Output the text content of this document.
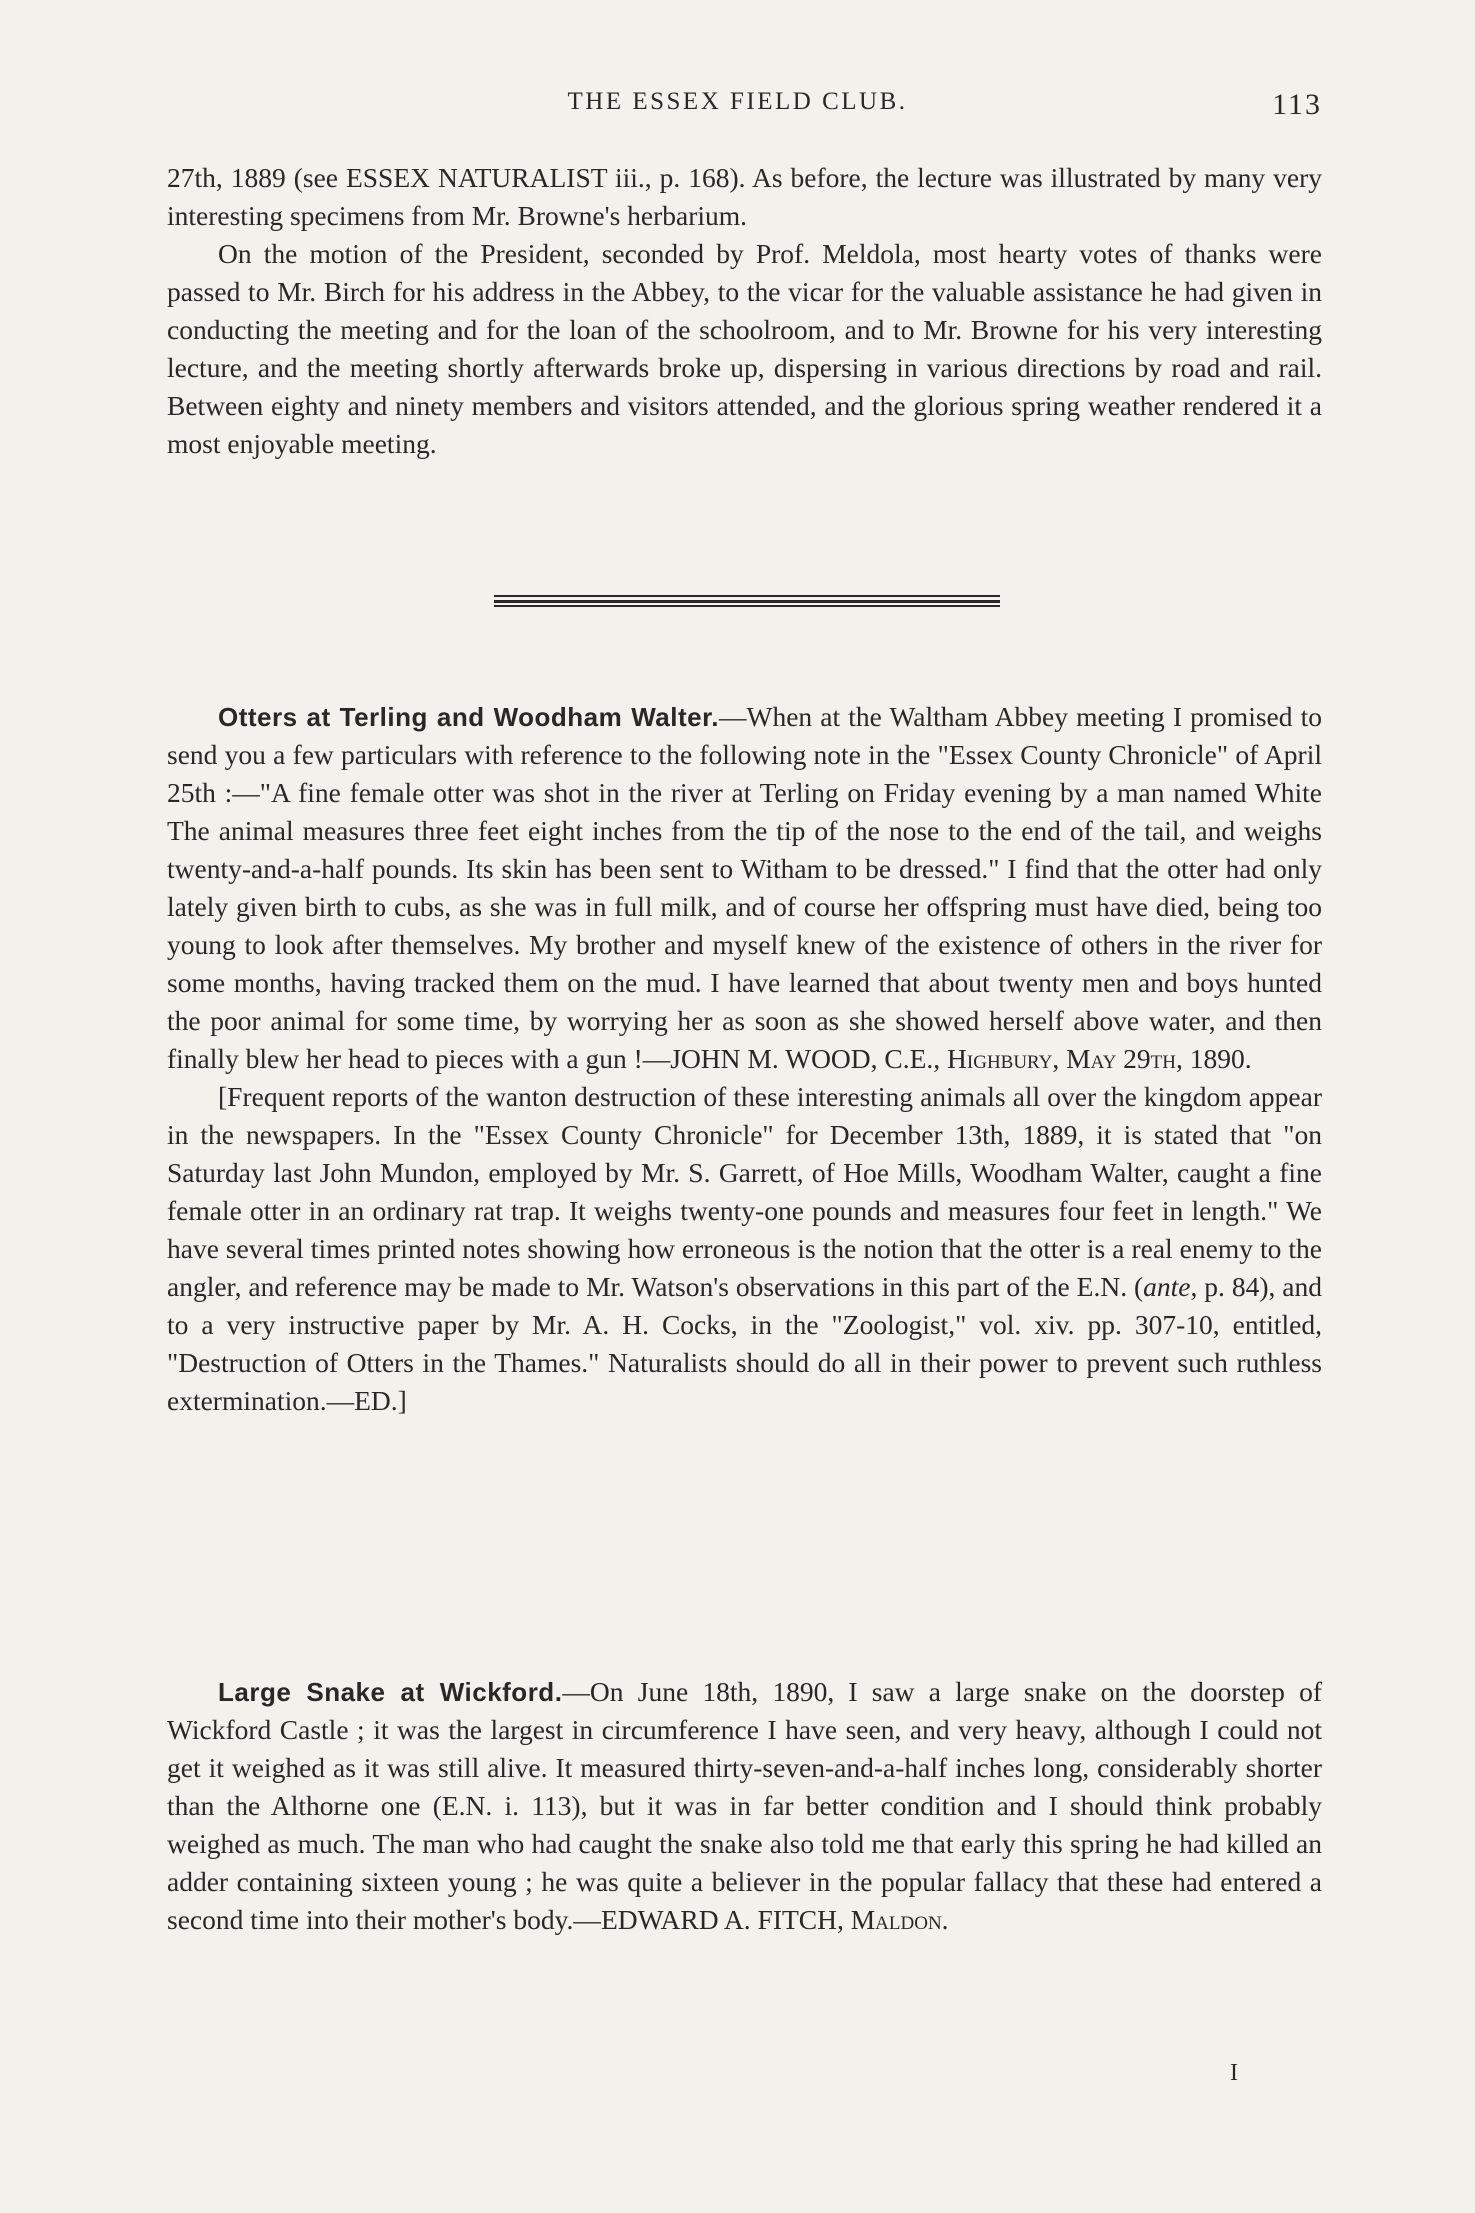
THE ESSEX FIELD CLUB.	113

27th, 1889 (see ESSEX NATURALIST iii., p. 168). As before, the lecture was illustrated by many very interesting specimens from Mr. Browne's herbarium.

On the motion of the President, seconded by Prof. Meldola, most hearty votes of thanks were passed to Mr. Birch for his address in the Abbey, to the vicar for the valuable assistance he had given in conducting the meeting and for the loan of the schoolroom, and to Mr. Browne for his very interesting lecture, and the meeting shortly afterwards broke up, dispersing in various directions by road and rail. Between eighty and ninety members and visitors attended, and the glorious spring weather rendered it a most enjoyable meeting.

Otters at Terling and Woodham Walter.—When at the Waltham Abbey meeting I promised to send you a few particulars with reference to the following note in the "Essex County Chronicle" of April 25th :—"A fine female otter was shot in the river at Terling on Friday evening by a man named White The animal measures three feet eight inches from the tip of the nose to the end of the tail, and weighs twenty-and-a-half pounds. Its skin has been sent to Witham to be dressed." I find that the otter had only lately given birth to cubs, as she was in full milk, and of course her offspring must have died, being too young to look after themselves. My brother and myself knew of the existence of others in the river for some months, having tracked them on the mud. I have learned that about twenty men and boys hunted the poor animal for some time, by worrying her as soon as she showed herself above water, and then finally blew her head to pieces with a gun !—JOHN M. WOOD, C.E., Highbury, May 29th, 1890.

[Frequent reports of the wanton destruction of these interesting animals all over the kingdom appear in the newspapers. In the "Essex County Chronicle" for December 13th, 1889, it is stated that "on Saturday last John Mundon, employed by Mr. S. Garrett, of Hoe Mills, Woodham Walter, caught a fine female otter in an ordinary rat trap. It weighs twenty-one pounds and measures four feet in length." We have several times printed notes showing how erroneous is the notion that the otter is a real enemy to the angler, and reference may be made to Mr. Watson's observations in this part of the E.N. (ante, p. 84), and to a very instructive paper by Mr. A. H. Cocks, in the "Zoologist," vol. xiv. pp. 307-10, entitled, "Destruction of Otters in the Thames." Naturalists should do all in their power to prevent such ruthless extermination.—ED.]

Large Snake at Wickford.—On June 18th, 1890, I saw a large snake on the doorstep of Wickford Castle ; it was the largest in circumference I have seen, and very heavy, although I could not get it weighed as it was still alive. It measured thirty-seven-and-a-half inches long, considerably shorter than the Althorne one (E.N. i. 113), but it was in far better condition and I should think probably weighed as much. The man who had caught the snake also told me that early this spring he had killed an adder containing sixteen young ; he was quite a believer in the popular fallacy that these had entered a second time into their mother's body.—EDWARD A. FITCH, Maldon.

I
